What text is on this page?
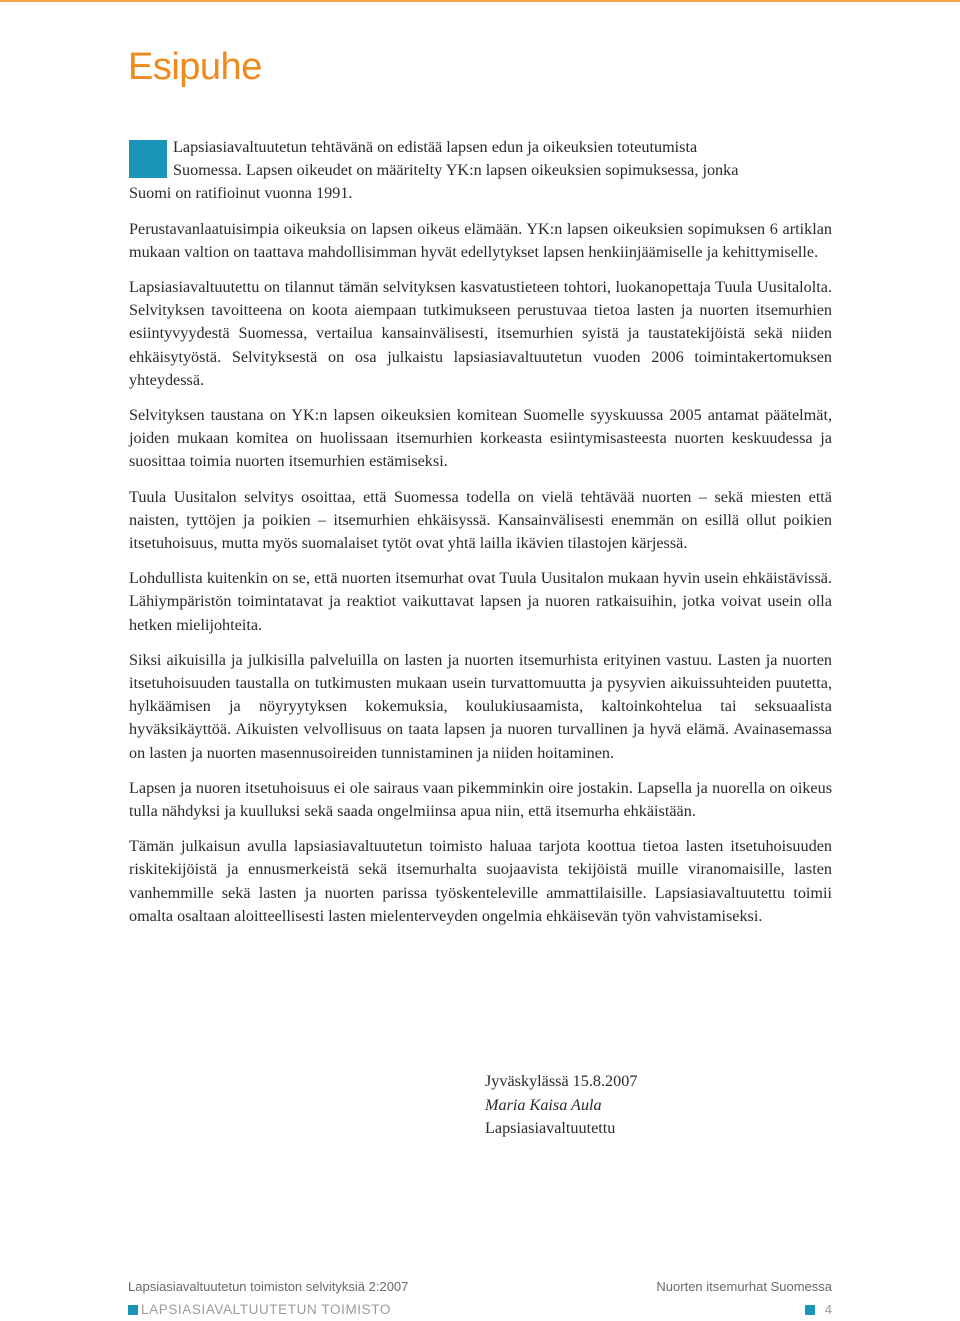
Esipuhe

Lapsiasiavaltuutetun tehtävänä on edistää lapsen edun ja oikeuksien toteutumista
Suomessa. Lapsen oikeudet on määritelty YK:n lapsen oikeuksien sopimuksessa, jonka
Suomi on ratifioinut vuonna 1991.

Perustavanlaatuisimpia oikeuksia on lapsen oikeus elämään. YK:n lapsen oikeuksien sopimuksen 6 artiklan mukaan valtion on taattava mahdollisimman hyvät edellytykset lapsen henkiinjäämiselle ja kehittymiselle.

Lapsiasiavaltuutettu on tilannut tämän selvityksen kasvatustieteen tohtori, luokanopettaja Tuula Uusitalolta. Selvityksen tavoitteena on koota aiempaan tutkimukseen perustuvaa tietoa lasten ja nuorten itsemurhien esiintyvyydestä Suomessa, vertailua kansainvälisesti, itsemurhien syistä ja taustatekijöistä sekä niiden ehkäisytyöstä. Selvityksestä on osa julkaistu lapsiasiavaltuutetun vuoden 2006 toimintakertomuksen yhteydessä.

Selvityksen taustana on YK:n lapsen oikeuksien komitean Suomelle syyskuussa 2005 antamat päätelmät, joiden mukaan komitea on huolissaan itsemurhien korkeasta esiintymisasteesta nuorten keskuudessa ja suosittaa toimia nuorten itsemurhien estämiseksi.

Tuula Uusitalon selvitys osoittaa, että Suomessa todella on vielä tehtävää nuorten – sekä miesten että naisten, tyttöjen ja poikien – itsemurhien ehkäisyssä. Kansainvälisesti enemmän on esillä ollut poikien itsetuhoisuus, mutta myös suomalaiset tytöt ovat yhtä lailla ikävien tilastojen kärjessä.

Lohdullista kuitenkin on se, että nuorten itsemurhat ovat Tuula Uusitalon mukaan hyvin usein ehkäistävissä. Lähiympäristön toimintatavat ja reaktiot vaikuttavat lapsen ja nuoren ratkaisuihin, jotka voivat usein olla hetken mielijohteita.

Siksi aikuisilla ja julkisilla palveluilla on lasten ja nuorten itsemurhista erityinen vastuu. Lasten ja nuorten itsetuhoisuuden taustalla on tutkimusten mukaan usein turvattomuutta ja pysyvien aikuissuhteiden puutetta, hylkäämisen ja nöyryytyksen kokemuksia, koulukiusaamista, kaltoinkohtelua tai seksuaalista hyväksikäyttöä. Aikuisten velvollisuus on taata lapsen ja nuoren turvallinen ja hyvä elämä. Avainasemassa on lasten ja nuorten masennusoireiden tunnistaminen ja niiden hoitaminen.

Lapsen ja nuoren itsetuhoisuus ei ole sairaus vaan pikemminkin oire jostakin. Lapsella ja nuorella on oikeus tulla nähdyksi ja kuulluksi sekä saada ongelmiinsa apua niin, että itsemurha ehkäistään.

Tämän julkaisun avulla lapsiasiavaltuutetun toimisto haluaa tarjota koottua tietoa lasten itsetuhoisuuden riskitekijöistä ja ennusmerkeistä sekä itsemurhalta suojaavista tekijöistä muille viranomaisille, lasten vanhemmille sekä lasten ja nuorten parissa työskenteleville ammattilaisille. Lapsiasiavaltuutettu toimii omalta osaltaan aloitteellisesti lasten mielenterveyden ongelmia ehkäisevän työn vahvistamiseksi.

Jyväskylässä 15.8.2007
Maria Kaisa Aula
Lapsiasiavaltuutettu
Lapsiasiavaltuutetun toimiston selvityksiä 2:2007	Nuorten itsemurhat Suomessa
LAPSIASIAVALTUUTETUN TOIMISTO	4
